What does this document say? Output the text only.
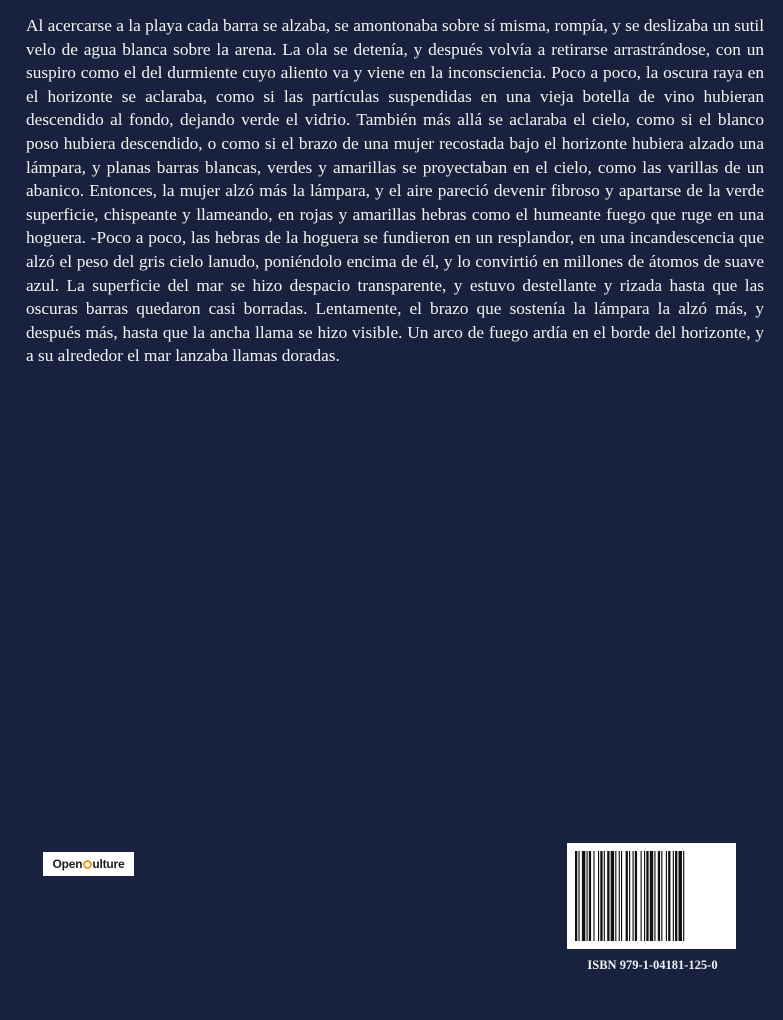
Al acercarse a la playa cada barra se alzaba, se amontonaba sobre sí misma, rompía, y se deslizaba un sutil velo de agua blanca sobre la arena. La ola se detenía, y después volvía a retirarse arrastrándose, con un suspiro como el del durmiente cuyo aliento va y viene en la inconsciencia. Poco a poco, la oscura raya en el horizonte se aclaraba, como si las partículas suspendidas en una vieja botella de vino hubieran descendido al fondo, dejando verde el vidrio. También más allá se aclaraba el cielo, como si el blanco poso hubiera descendido, o como si el brazo de una mujer recostada bajo el horizonte hubiera alzado una lámpara, y planas barras blancas, verdes y amarillas se proyectaban en el cielo, como las varillas de un abanico. Entonces, la mujer alzó más la lámpara, y el aire pareció devenir fibroso y apartarse de la verde superficie, chispeante y llameando, en rojas y amarillas hebras como el humeante fuego que ruge en una hoguera. -Poco a poco, las hebras de la hoguera se fundieron en un resplandor, en una incandescencia que alzó el peso del gris cielo lanudo, poniéndolo encima de él, y lo convirtió en millones de átomos de suave azul. La superficie del mar se hizo despacio transparente, y estuvo destellante y rizada hasta que las oscuras barras quedaron casi borradas. Lentamente, el brazo que sostenía la lámpara la alzó más, y después más, hasta que la ancha llama se hizo visible. Un arco de fuego ardía en el borde del horizonte, y a su alrededor el mar lanzaba llamas doradas.

Open ulture
ISBN 979-1-04181-125-0
